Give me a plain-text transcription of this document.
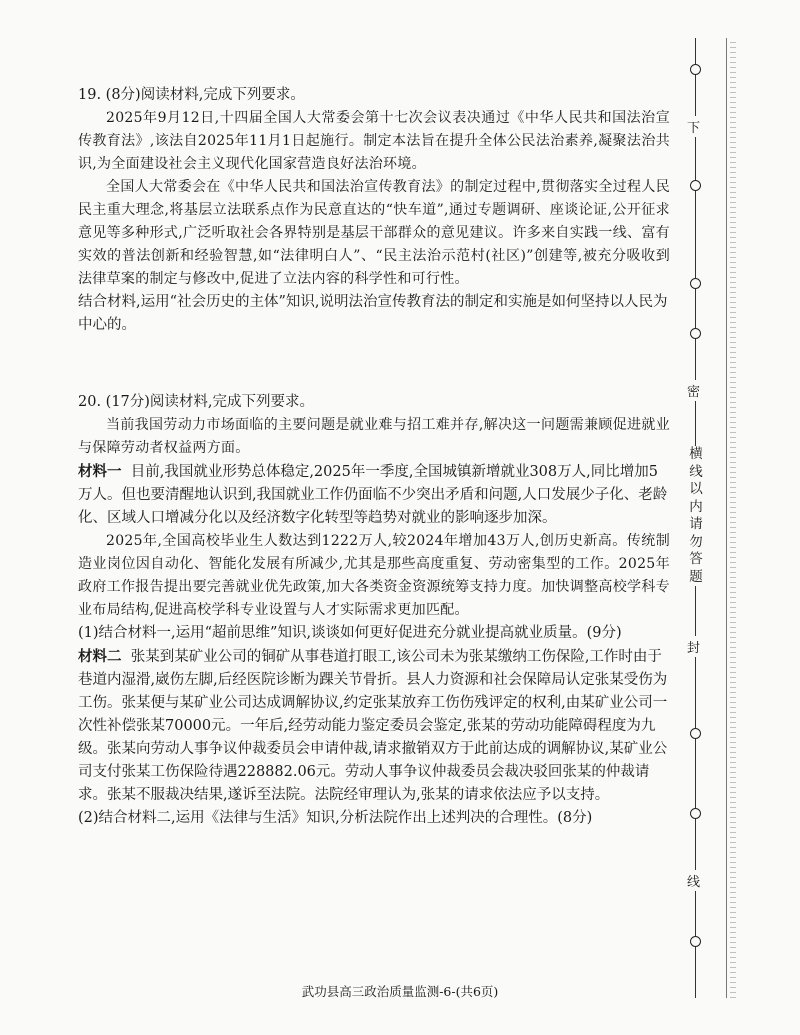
19. (8分)阅读材料,完成下列要求。

2025年9月12日,十四届全国人大常委会第十七次会议表决通过《中华人民共和国法治宣传教育法》,该法自2025年11月1日起施行。制定本法旨在提升全体公民法治素养,凝聚法治共识,为全面建设社会主义现代化国家营造良好法治环境。

全国人大常委会在《中华人民共和国法治宣传教育法》的制定过程中,贯彻落实全过程人民民主重大理念,将基层立法联系点作为民意直达的“快车道”,通过专题调研、座谈论证,公开征求意见等多种形式,广泛听取社会各界特别是基层干部群众的意见建议。许多来自实践一线、富有实效的普法创新和经验智慧,如“法律明白人”、“民主法治示范村(社区)”创建等,被充分吸收到法律草案的制定与修改中,促进了立法内容的科学性和可行性。

结合材料,运用“社会历史的主体”知识,说明法治宣传教育法的制定和实施是如何坚持以人民为中心的。

20. (17分)阅读材料,完成下列要求。

当前我国劳动力市场面临的主要问题是就业难与招工难并存,解决这一问题需兼顾促进就业与保障劳动者权益两方面。

材料一 目前,我国就业形势总体稳定,2025年一季度,全国城镇新增就业308万人,同比增加5万人。但也要清醒地认识到,我国就业工作仍面临不少突出矛盾和问题,人口发展少子化、老龄化、区域人口增减分化以及经济数字化转型等趋势对就业的影响逐步加深。

2025年,全国高校毕业生人数达到1222万人,较2024年增加43万人,创历史新高。传统制造业岗位因自动化、智能化发展有所减少,尤其是那些高度重复、劳动密集型的工作。2025年政府工作报告提出要完善就业优先政策,加大各类资金资源统筹支持力度。加快调整高校学科专业布局结构,促进高校学科专业设置与人才实际需求更加匹配。

(1)结合材料一,运用“超前思维”知识,谈谈如何更好促进充分就业提高就业质量。(9分)

材料二 张某到某矿业公司的铜矿从事巷道打眼工,该公司未为张某缴纳工伤保险,工作时由于巷道内湿滑,崴伤左脚,后经医院诊断为踝关节骨折。县人力资源和社会保障局认定张某受伤为工伤。张某便与某矿业公司达成调解协议,约定张某放弃工伤伤残评定的权利,由某矿业公司一次性补偿张某70000元。一年后,经劳动能力鉴定委员会鉴定,张某的劳动功能障碍程度为九级。张某向劳动人事争议仲裁委员会申请仲裁,请求撤销双方于此前达成的调解协议,某矿业公司支付张某工伤保险待遇228882.06元。劳动人事争议仲裁委员会裁决驳回张某的仲裁请求。张某不服裁决结果,遂诉至法院。法院经审理认为,张某的请求依法应予以支持。

(2)结合材料二,运用《法律与生活》知识,分析法院作出上述判决的合理性。(8分)

武功县高三政治质量监测-6-(共6页)
下
密
横线以内请勿答题
封
线
